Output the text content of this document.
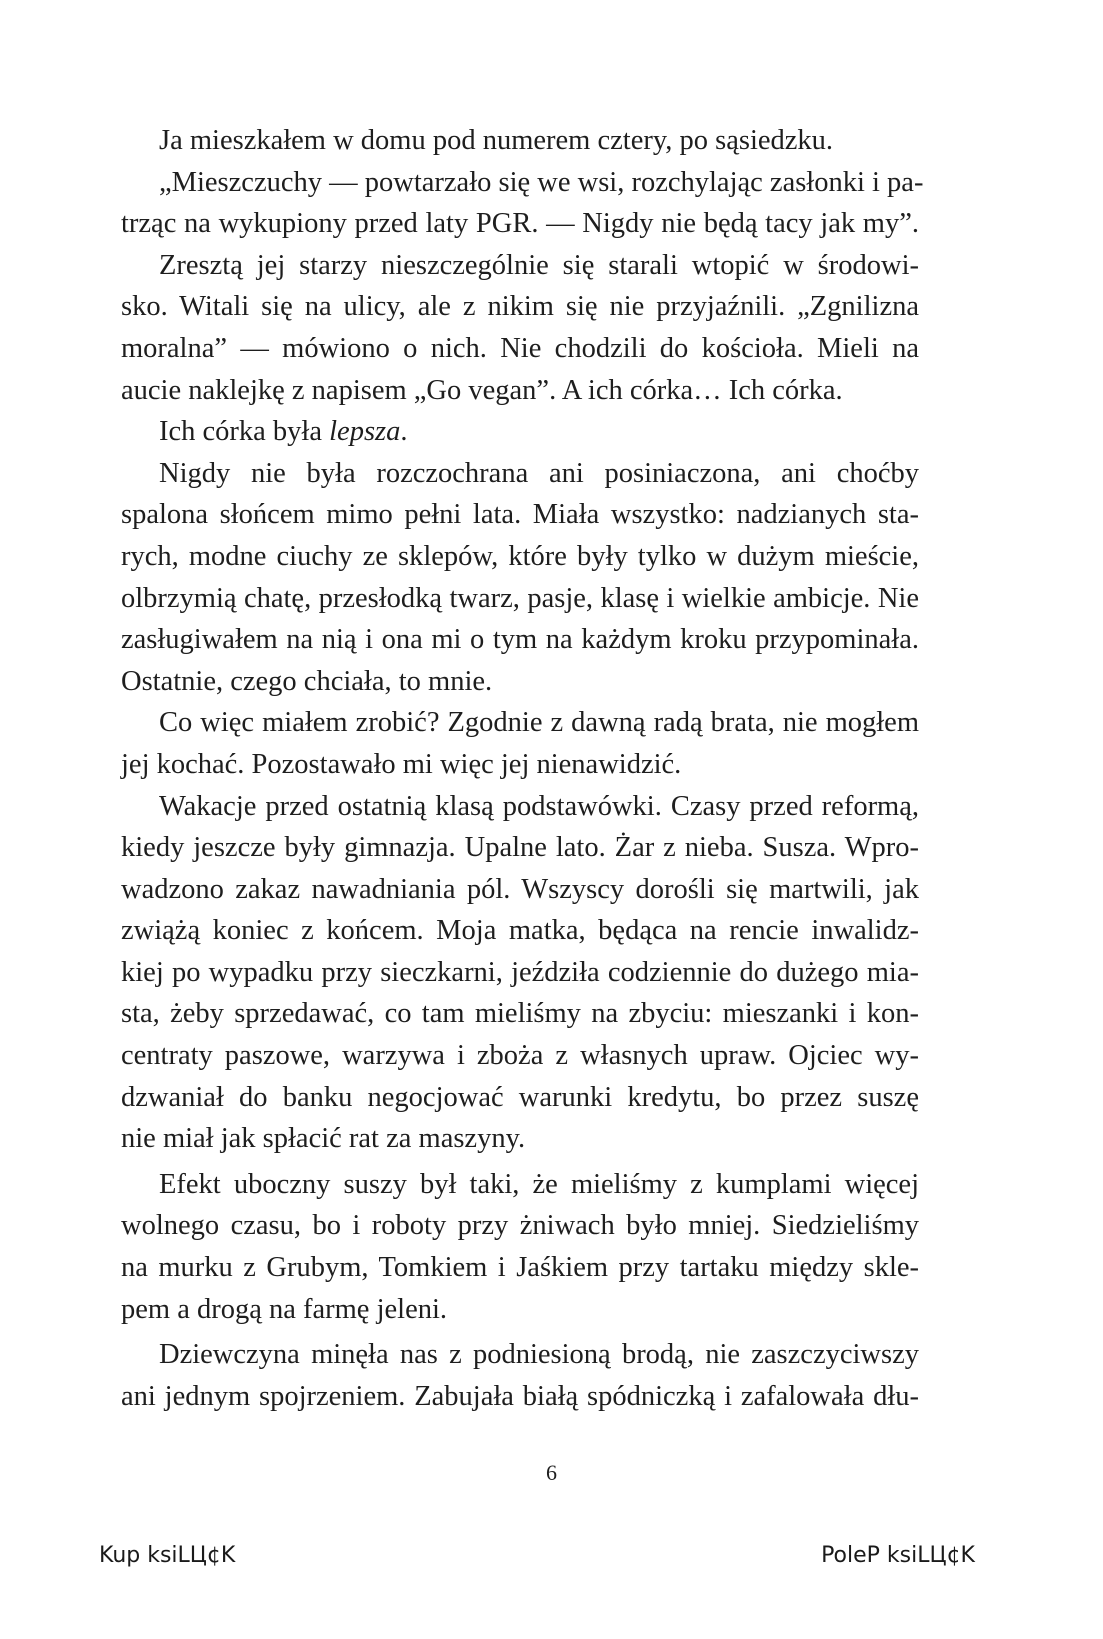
Ja mieszkałem w domu pod numerem cztery, po sąsiedzku.
„Mieszczuchy — powtarzało się we wsi, rozchylając zasłonki i pa-
trząc na wykupiony przed laty PGR. — Nigdy nie będą tacy jak my”.
Zresztą jej starzy nieszczególnie się starali wtopić w środowi-
sko. Witali się na ulicy, ale z nikim się nie przyjaźnili. „Zgnilizna
moralna” — mówiono o nich. Nie chodzili do kościoła. Mieli na
aucie naklejkę z napisem „Go vegan”. A ich córka… Ich córka.
Ich córka była lepsza.
Nigdy nie była rozczochrana ani posiniaczona, ani choćby
spalona słońcem mimo pełni lata. Miała wszystko: nadzianych sta-
rych, modne ciuchy ze sklepów, które były tylko w dużym mieście,
olbrzymią chatę, przesłodką twarz, pasje, klasę i wielkie ambicje. Nie
zasługiwałem na nią i ona mi o tym na każdym kroku przypominała.
Ostatnie, czego chciała, to mnie.
Co więc miałem zrobić? Zgodnie z dawną radą brata, nie mogłem
jej kochać. Pozostawało mi więc jej nienawidzić.
Wakacje przed ostatnią klasą podstawówki. Czasy przed reformą,
kiedy jeszcze były gimnazja. Upalne lato. Żar z nieba. Susza. Wpro-
wadzono zakaz nawadniania pól. Wszyscy dorośli się martwili, jak
zwiążą koniec z końcem. Moja matka, będąca na rencie inwalidz-
kiej po wypadku przy sieczkarni, jeździła codziennie do dużego mia-
sta, żeby sprzedawać, co tam mieliśmy na zbyciu: mieszanki i kon-
centraty paszowe, warzywa i zboża z własnych upraw. Ojciec wy-
dzwaniał do banku negocjować warunki kredytu, bo przez suszę
nie miał jak spłacić rat za maszyny.
Efekt uboczny suszy był taki, że mieliśmy z kumplami więcej
wolnego czasu, bo i roboty przy żniwach było mniej. Siedzieliśmy
na murku z Grubym, Tomkiem i Jaśkiem przy tartaku między skle-
pem a drogą na farmę jeleni.
Dziewczyna minęła nas z podniesioną brodą, nie zaszczyciwszy
ani jednym spojrzeniem. Zabujała białą spódniczką i zafalowała dłu-
6
Kup ksiLЦ¢K	PoleP ksiLЦ¢K
